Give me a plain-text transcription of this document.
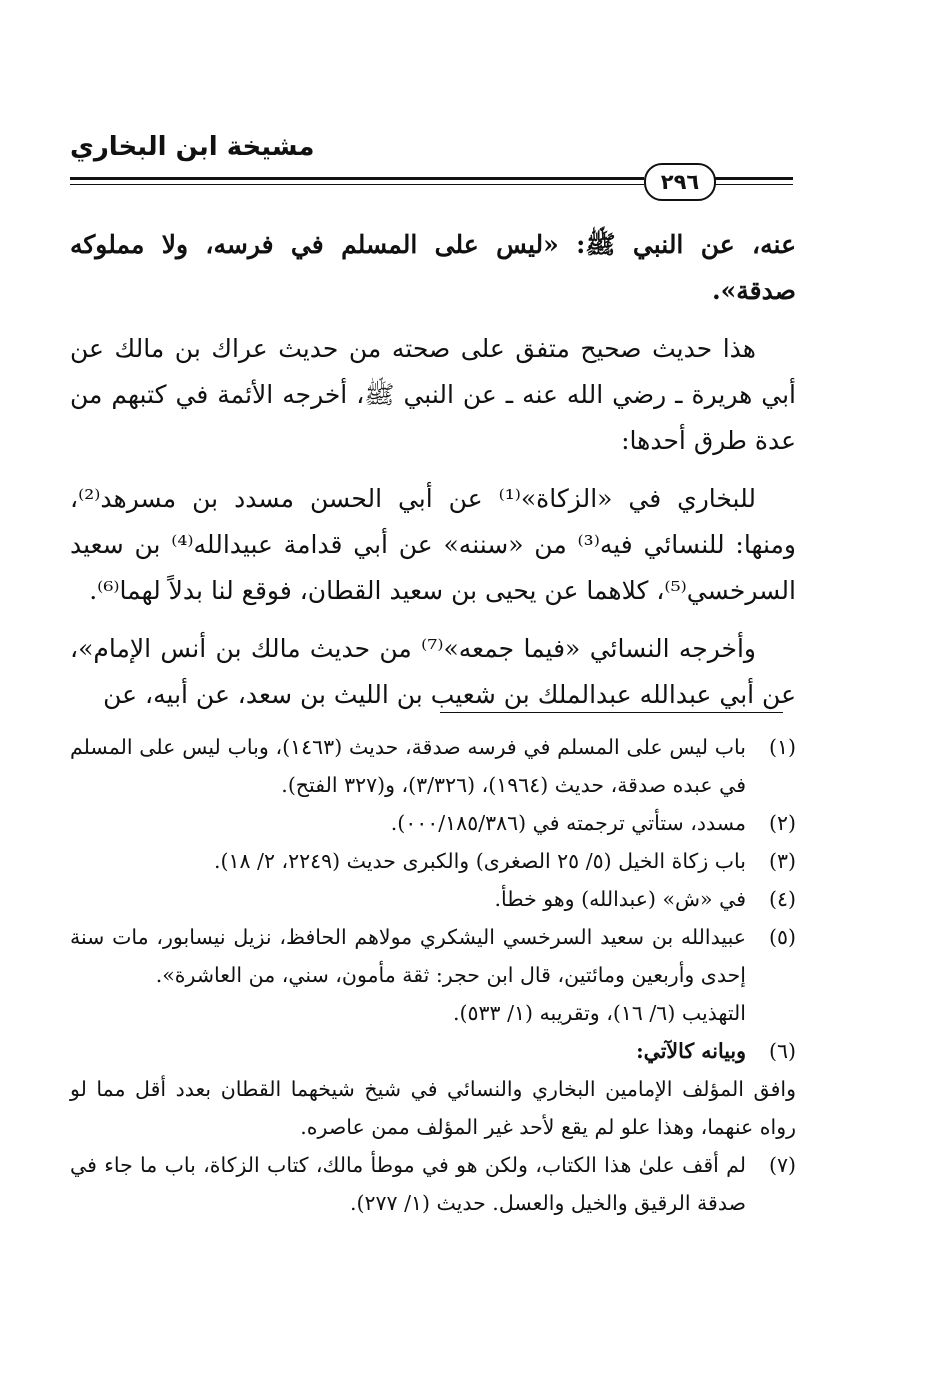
مشيخة ابن البخاري
٢٩٦

عنه، عن النبي ﷺ: «ليس على المسلم في فرسه، ولا مملوكه صدقة».

هذا حديث صحيح متفق على صحته من حديث عراك بن مالك عن أبي هريرة ـ رضي الله عنه ـ عن النبي ﷺ، أخرجه الأئمة في كتبهم من عدة طرق أحدها:

للبخاري في «الزكاة»⁽¹⁾ عن أبي الحسن مسدد بن مسرهد⁽²⁾، ومنها: للنسائي فيه⁽³⁾ من «سننه» عن أبي قدامة عبيدالله⁽⁴⁾ بن سعيد السرخسي⁽⁵⁾، كلاهما عن يحيى بن سعيد القطان، فوقع لنا بدلاً لهما⁽⁶⁾.

وأخرجه النسائي «فيما جمعه»⁽⁷⁾ من حديث مالك بن أنس الإمام»، عن أبي عبدالله عبدالملك بن شعيب بن الليث بن سعد، عن أبيه، عن

(١)
باب ليس على المسلم في فرسه صدقة، حديث (١٤٦٣)، وباب ليس على المسلم في عبده صدقة، حديث (١٩٦٤)، (٣/٣٢٦)، و(٣٢٧ الفتح).
(٢)
مسدد، ستأتي ترجمته في (٠٠٠/١٨٥/٣٨٦).
(٣)
باب زكاة الخيل (٥/ ٢٥ الصغرى) والكبرى حديث (٢٢٤٩، ٢/ ١٨).
(٤)
في «ش» (عبدالله) وهو خطأ.
(٥)
عبيدالله بن سعيد السرخسي اليشكري مولاهم الحافظ، نزيل نيسابور، مات سنة إحدى وأربعين ومائتين، قال ابن حجر: ثقة مأمون، سني، من العاشرة».
التهذيب (٦/ ١٦)، وتقريبه (١/ ٥٣٣).
(٦)
وبيانه كالآتي:
وافق المؤلف الإمامين البخاري والنسائي في شيخ شيخهما القطان بعدد أقل مما لو رواه عنهما، وهذا علو لم يقع لأحد غير المؤلف ممن عاصره.
(٧)
لم أقف علىٰ هذا الكتاب، ولكن هو في موطأ مالك، كتاب الزكاة، باب ما جاء في صدقة الرقيق والخيل والعسل. حديث (١/ ٢٧٧).
